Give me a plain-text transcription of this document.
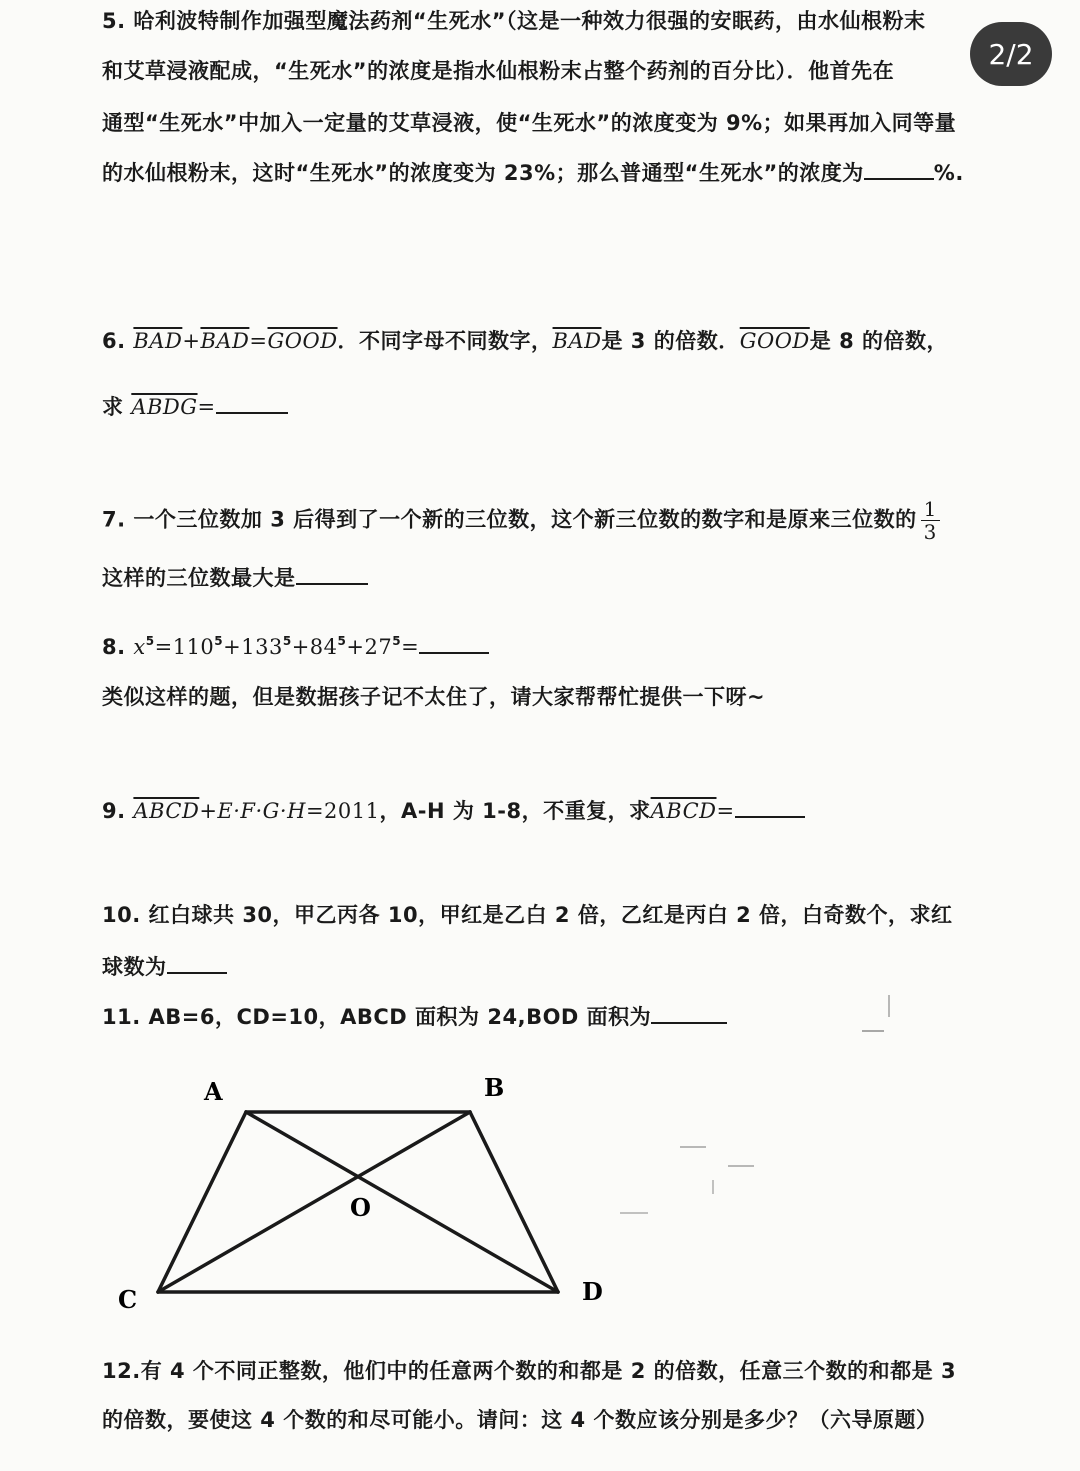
2/2
5. 哈利波特制作加强型魔法药剂“生死水”（这是一种效力很强的安眠药，由水仙根粉末
和艾草浸液配成，“生死水”的浓度是指水仙根粉末占整个药剂的百分比）．他首先在
通型“生死水”中加入一定量的艾草浸液，使“生死水”的浓度变为 9%；如果再加入同等量
的水仙根粉末，这时“生死水”的浓度变为 23%；那么普通型“生死水”的浓度为	%.
6. $\overline{BAD}+\overline{BAD}=GOOD$．不同字母不同数字，$\overline{BAD}$是 3 的倍数．GOOD是 8 的倍数，
求 ABDG=
7. 一个三位数加 3 后得到了一个新的三位数，这个新三位数的数字和是原来三位数的 $\frac{1}{3}$
这样的三位数最大是
8. $x^5=110^5+133^5+84^5+27^5=$
类似这样的题，但是数据孩子记不太住了，请大家帮帮忙提供一下呀~
9. ABCD+E·F·G·H=2011，A-H 为 1-8，不重复，求ABCD=
10. 红白球共 30，甲乙丙各 10，甲红是乙白 2 倍，乙红是丙白 2 倍，白奇数个，求红
球数为
11. AB=6，CD=10，ABCD 面积为 24,BOD 面积为
A	B
C	D
O
12.有 4 个不同正整数，他们中的任意两个数的和都是 2 的倍数，任意三个数的和都是 3
的倍数，要使这 4 个数的和尽可能小。请问：这 4 个数应该分别是多少？（六导原题）
